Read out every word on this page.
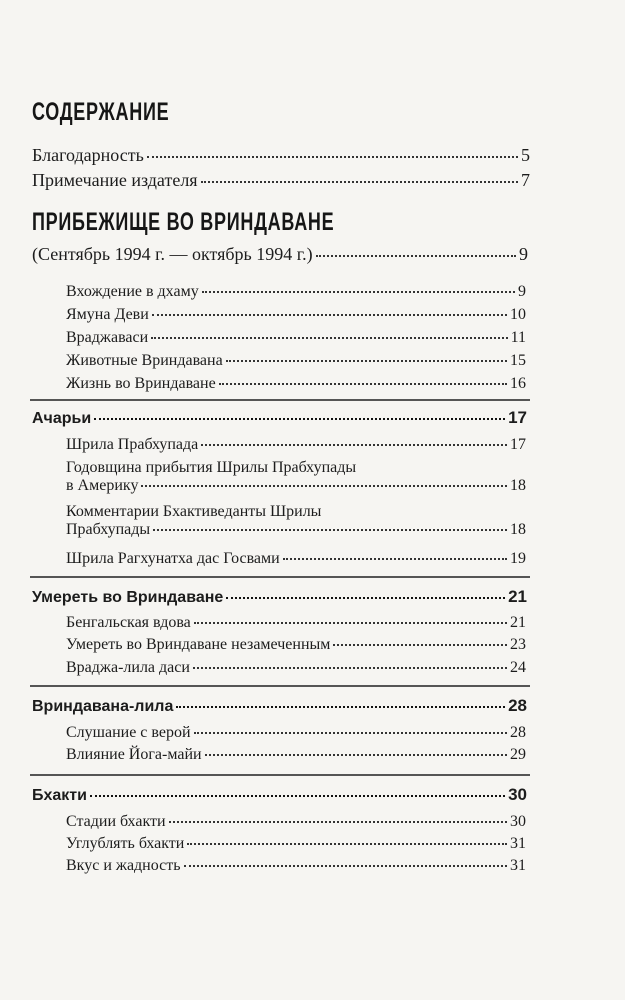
СОДЕРЖАНИЕ
Благодарность	5
Примечание издателя	7
ПРИБЕЖИЩЕ ВО ВРИНДАВАНЕ
(Сентябрь 1994 г. — октябрь 1994 г.)	9
Вхождение в дхаму	9
Ямуна Деви	10
Враджаваси	11
Животные Вриндавана	15
Жизнь во Вриндаване	16
Ачарьи	17
Шрила Прабхупада	17
Годовщина прибытия Шрилы Прабхупады
в Америку	18
Комментарии Бхактиведанты Шрилы
Прабхупады	18
Шрила Рагхунатха дас Госвами	19
Умереть во Вриндаване	21
Бенгальская вдова	21
Умереть во Вриндаване незамеченным	23
Враджа-лила даси	24
Вриндавана-лила	28
Слушание с верой	28
Влияние Йога-майи	29
Бхакти	30
Стадии бхакти	30
Углублять бхакти	31
Вкус и жадность	31
